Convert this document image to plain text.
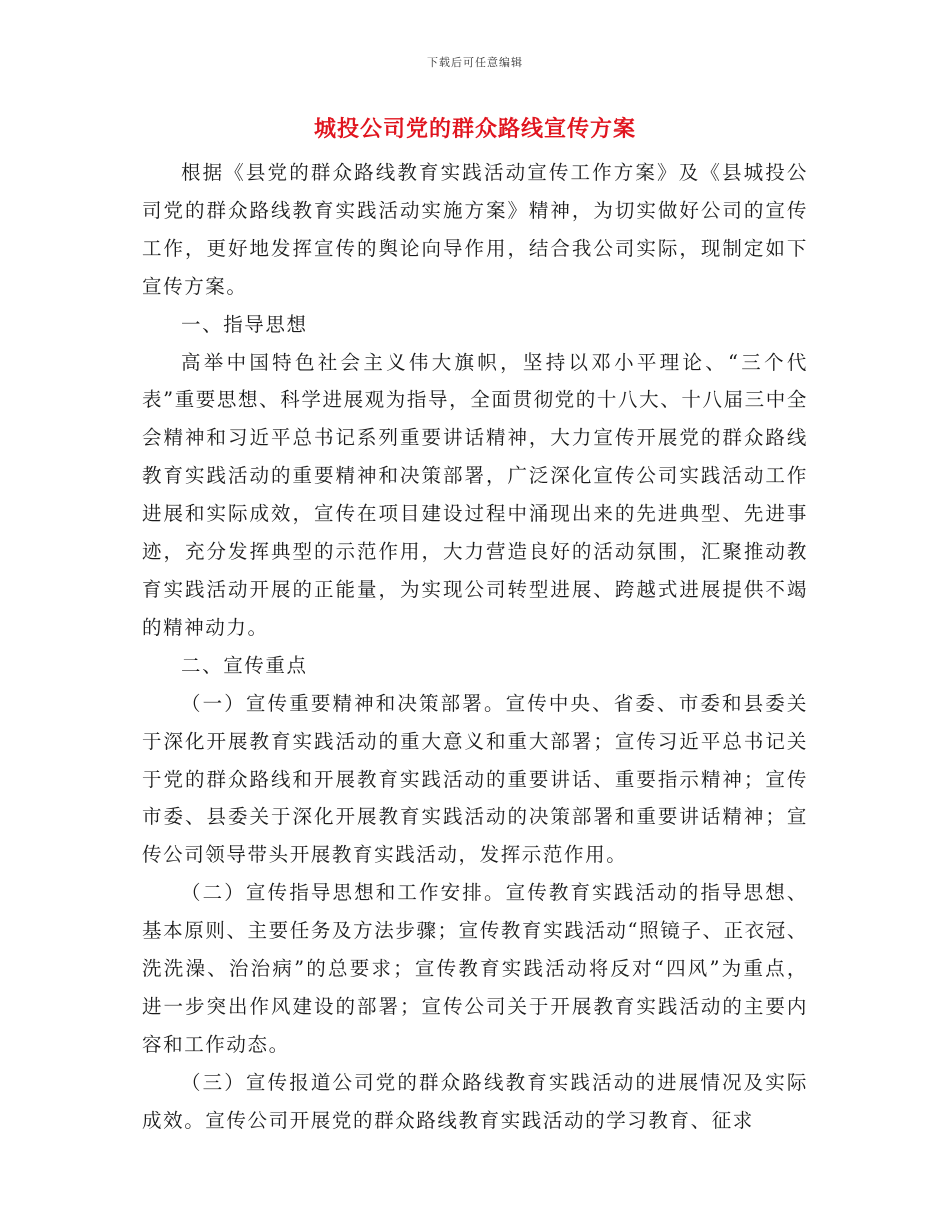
下载后可任意编辑
城投公司党的群众路线宣传方案

根据《县党的群众路线教育实践活动宣传工作方案》及《县城投公司党的群众路线教育实践活动实施方案》精神，为切实做好公司的宣传工作，更好地发挥宣传的舆论向导作用，结合我公司实际，现制定如下宣传方案。

一、指导思想

高举中国特色社会主义伟大旗帜，坚持以邓小平理论、“三个代表”重要思想、科学进展观为指导，全面贯彻党的十八大、十八届三中全会精神和习近平总书记系列重要讲话精神，大力宣传开展党的群众路线教育实践活动的重要精神和决策部署，广泛深化宣传公司实践活动工作进展和实际成效，宣传在项目建设过程中涌现出来的先进典型、先进事迹，充分发挥典型的示范作用，大力营造良好的活动氛围，汇聚推动教育实践活动开展的正能量，为实现公司转型进展、跨越式进展提供不竭的精神动力。

二、宣传重点

（一）宣传重要精神和决策部署。宣传中央、省委、市委和县委关于深化开展教育实践活动的重大意义和重大部署；宣传习近平总书记关于党的群众路线和开展教育实践活动的重要讲话、重要指示精神；宣传市委、县委关于深化开展教育实践活动的决策部署和重要讲话精神；宣传公司领导带头开展教育实践活动，发挥示范作用。

（二）宣传指导思想和工作安排。宣传教育实践活动的指导思想、基本原则、主要任务及方法步骤；宣传教育实践活动“照镜子、正衣冠、洗洗澡、治治病”的总要求；宣传教育实践活动将反对“四风”为重点，进一步突出作风建设的部署；宣传公司关于开展教育实践活动的主要内容和工作动态。

（三）宣传报道公司党的群众路线教育实践活动的进展情况及实际成效。宣传公司开展党的群众路线教育实践活动的学习教育、征求
